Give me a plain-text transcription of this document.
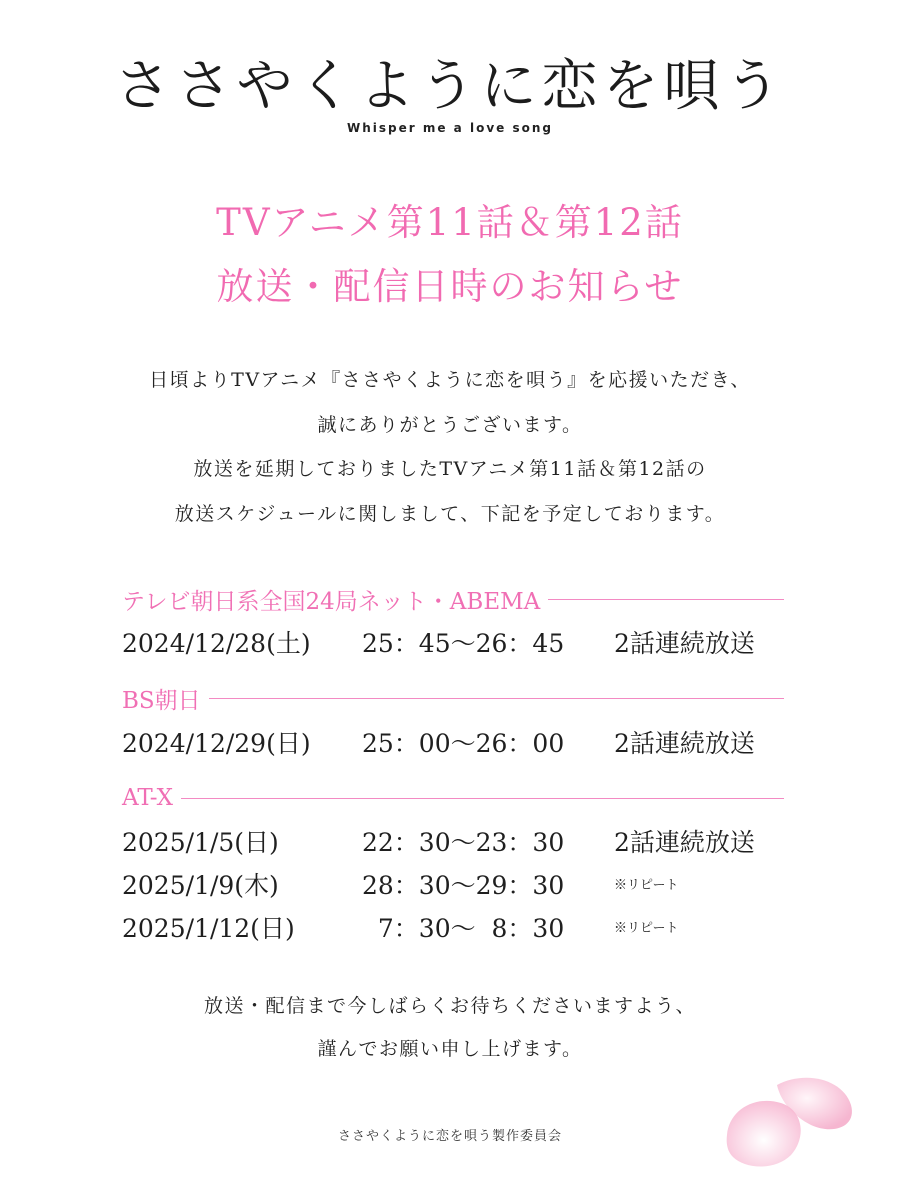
ささやくように恋を唄う
Whisper me a love song
TVアニメ第11話＆第12話
放送・配信日時のお知らせ
日頃よりTVアニメ『ささやくように恋を唄う』を応援いただき、
誠にありがとうございます。
放送を延期しておりましたTVアニメ第11話＆第12話の
放送スケジュールに関しまして、下記を予定しております。
テレビ朝日系全国24局ネット・ABEMA
2024/12/28(土) 25：45〜26：45 2話連続放送
BS朝日
2024/12/29(日) 25：00〜26：00 2話連続放送
AT-X
2025/1/5(日)	22：30〜23：30 2話連続放送
2025/1/9(木)	28：30〜29：30	※リピート
2025/1/12(日)	7：30〜  8：30	※リピート
放送・配信まで今しばらくお待ちくださいますよう、
謹んでお願い申し上げます。
ささやくように恋を唄う製作委員会
